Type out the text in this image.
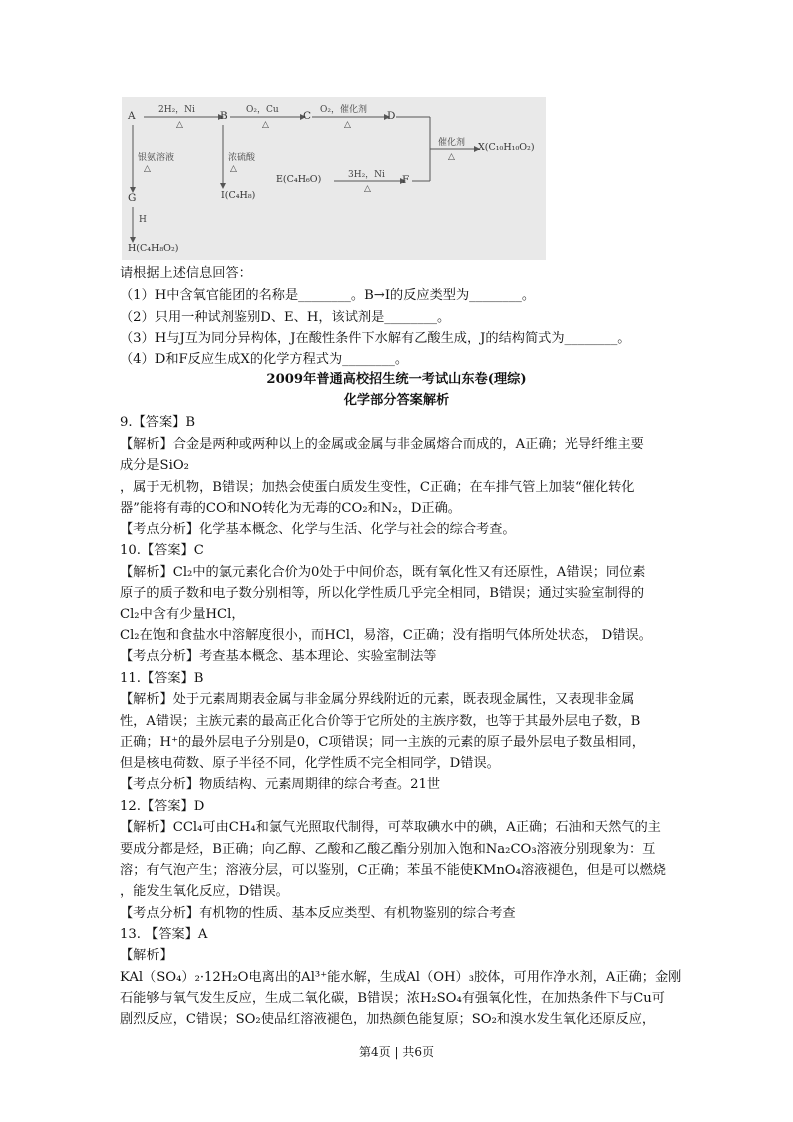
A	B	C	D
X(C₁₀H₁₀O₂)
E(C₄H₆O)	F
G
H(C₄H₈O₂)
I(C₄H₈)
2H₂，Ni
△
O₂，Cu
△
O₂，催化剂
△
催化剂
△
3H₂，Ni
△
银氨溶液
△
浓硫酸
△
H
请根据上述信息回答：
（1）H中含氧官能团的名称是________。B→I的反应类型为________。
（2）只用一种试剂鉴别D、E、H，该试剂是________。
（3）H与J互为同分异构体，J在酸性条件下水解有乙酸生成，J的结构简式为________。
（4）D和F反应生成X的化学方程式为________。
2009年普通高校招生统一考试山东卷(理综)
化学部分答案解析
9.【答案】B
【解析】合金是两种或两种以上的金属或金属与非金属熔合而成的，A正确；光导纤维主要
成分是SiO₂
，属于无机物，B错误；加热会使蛋白质发生变性，C正确；在车排气管上加装“催化转化
器”能将有毒的CO和NO转化为无毒的CO₂和N₂，D正确。
【考点分析】化学基本概念、化学与生活、化学与社会的综合考查。
10.【答案】C
【解析】Cl₂中的氯元素化合价为0处于中间价态，既有氧化性又有还原性，A错误；同位素
原子的质子数和电子数分别相等，所以化学性质几乎完全相同，B错误；通过实验室制得的
Cl₂中含有少量HCl，
Cl₂在饱和食盐水中溶解度很小，而HCl，易溶，C正确；没有指明气体所处状态， D错误。
【考点分析】考查基本概念、基本理论、实验室制法等
11.【答案】B
【解析】处于元素周期表金属与非金属分界线附近的元素，既表现金属性，又表现非金属
性，A错误；主族元素的最高正化合价等于它所处的主族序数，也等于其最外层电子数，B
正确；H⁺的最外层电子分别是0，C项错误；同一主族的元素的原子最外层电子数虽相同，
但是核电荷数、原子半径不同，化学性质不完全相同学，D错误。
【考点分析】物质结构、元素周期律的综合考查。21世
12.【答案】D
【解析】CCl₄可由CH₄和氯气光照取代制得，可萃取碘水中的碘，A正确；石油和天然气的主
要成分都是烃，B正确；向乙醇、乙酸和乙酸乙酯分别加入饱和Na₂CO₃溶液分别现象为：互
溶；有气泡产生；溶液分层，可以鉴别，C正确；苯虽不能使KMnO₄溶液褪色，但是可以燃烧
，能发生氧化反应，D错误。
【考点分析】有机物的性质、基本反应类型、有机物鉴别的综合考查
13. 【答案】A
【解析】
KAl（SO₄）₂·12H₂O电离出的Al³⁺能水解，生成Al（OH）₃胶体，可用作净水剂，A正确；金刚
石能够与氧气发生反应，生成二氧化碳，B错误；浓H₂SO₄有强氧化性，在加热条件下与Cu可
剧烈反应，C错误；SO₂使品红溶液褪色，加热颜色能复原；SO₂和溴水发生氧化还原反应，
第4页 | 共6页
